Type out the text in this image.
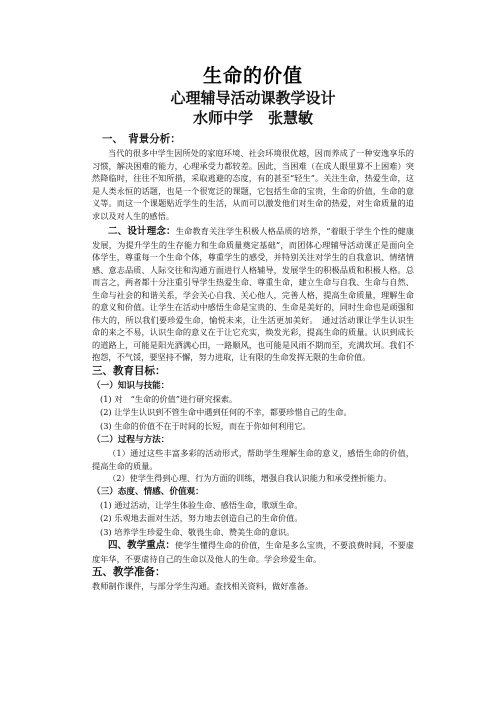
生命的价值

心理辅导活动课教学设计

水师中学　张慧敏

一、　背景分析：

当代的很多中学生因所处的家庭环境、社会环境很优越，因而养成了一种安逸享乐的习惯，解决困难的能力，心理承受力都较差。因此，当困难（在成人眼里算不上困难）突然降临时，往往不知所措，采取逃避的态度，有的甚至“轻生”。关注生命，热爱生命，这是人类永恒的话题，也是一个很宽泛的课题，它包括生命的宝贵，生命的价值，生命的意义等。而这一个课题贴近学生的生活，从而可以激发他们对生命的热爱，对生命质量的追求以及对人生的感悟。

二、设计理念：生命教育关注学生积极人格品质的培养，“着眼于学生个性的健康发展，为提升学生的生存能力和生命质量奠定基础”，而团体心理辅导活动课正是面向全体学生，尊重每一个生命个体，尊重学生的感受，并特别关注对学生的自我意识、情绪情感、意志品质、人际交往和沟通方面进行人格辅导，发展学生的积极品质和积极人格。总而言之，两者都十分注重引导学生热爱生命、尊重生命，建立生命与自我、生命与自然、生命与社会的和谐关系，学会关心自我、关心他人，完善人格，提高生命质量，理解生命的意义和价值。让学生在活动中感悟生命是宝贵的、生命是美好的，同时生命也是顽强和伟大的，所以我们要珍爱生命，愉悦未来，让生活更加美好。　通过活动课让学生认识生命的来之不易，认识生命的意义在于让它充实，焕发光彩，提高生命的质量。认识到成长的道路上，可能是阳光洒满心田，一路顺风，也可能是风雨不期而至，充满坎坷。我们不抱怨，不气馁，要坚持不懈，努力进取，让有限的生命发挥无限的生命价值。

三、教育目标：

（一）知识与技能：

(1) 对　“生命的价值”进行研究探索。

(2) 让学生认识到不管生命中遇到任何的不幸，都要珍惜自己的生命。

(3) 生命的价值不在于时间的长短，而在于你如何利用它。

（二）过程与方法：

（1）通过这些丰富多彩的活动形式，帮助学生理解生命的意义，感悟生命的价值，提高生命的质量。

（2）使学生得到心理、行为方面的训练，增强自我认识能力和承受挫折能力。

（三）态度、情感、价值观：

(1) 通过活动，让学生体验生命、感悟生命，歌颂生命。

(2) 乐观地去面对生活，努力地去创造自己的生命价值。

(3) 培养学生珍爱生命、敬畏生命、赞美生命的意识。

四、教学重点：使学生懂得生命的价值，生命是多么宝贵，不要浪费时间，不要虚度年华，不要虐待自己的生命以及他人的生命。学会珍爱生命。

五、教学准备：

教师制作课件，与部分学生沟通。查找相关资料，做好准备。
